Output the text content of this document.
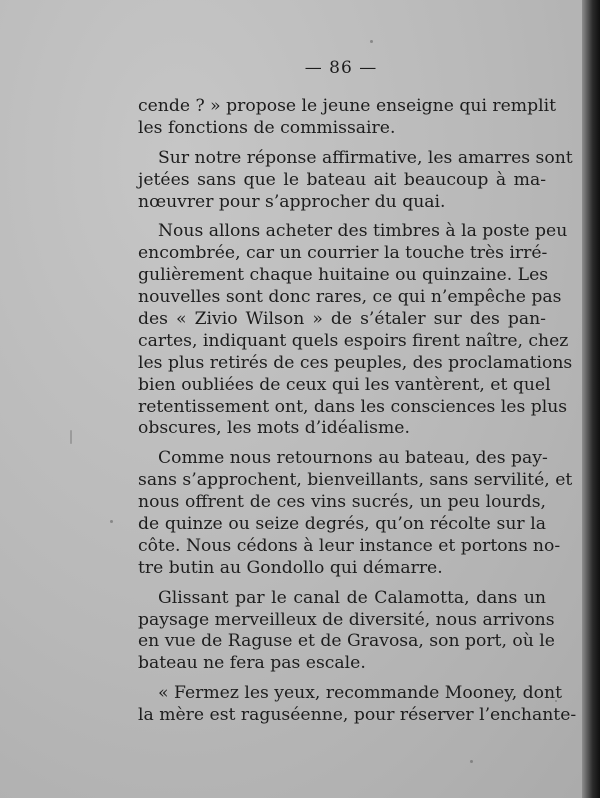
— 86 —

cende ? » propose le jeune enseigne qui remplit
les fonctions de commissaire.

Sur notre réponse affirmative, les amarres sont
jetées sans que le bateau ait beaucoup à ma-
nœuvrer pour s’approcher du quai.

Nous allons acheter des timbres à la poste peu
encombrée, car un courrier la touche très irré-
gulièrement chaque huitaine ou quinzaine. Les
nouvelles sont donc rares, ce qui n’empêche pas
des « Zivio Wilson » de s’étaler sur des pan-
cartes, indiquant quels espoirs firent naître, chez
les plus retirés de ces peuples, des proclamations
bien oubliées de ceux qui les vantèrent, et quel
retentissement ont, dans les consciences les plus
obscures, les mots d’idéalisme.

Comme nous retournons au bateau, des pay-
sans s’approchent, bienveillants, sans servilité, et
nous offrent de ces vins sucrés, un peu lourds,
de quinze ou seize degrés, qu’on récolte sur la
côte. Nous cédons à leur instance et portons no-
tre butin au Gondollo qui démarre.

Glissant par le canal de Calamotta, dans un
paysage merveilleux de diversité, nous arrivons
en vue de Raguse et de Gravosa, son port, où le
bateau ne fera pas escale.

« Fermez les yeux, recommande Mooney, dont
la mère est raguséenne, pour réserver l’enchante-
